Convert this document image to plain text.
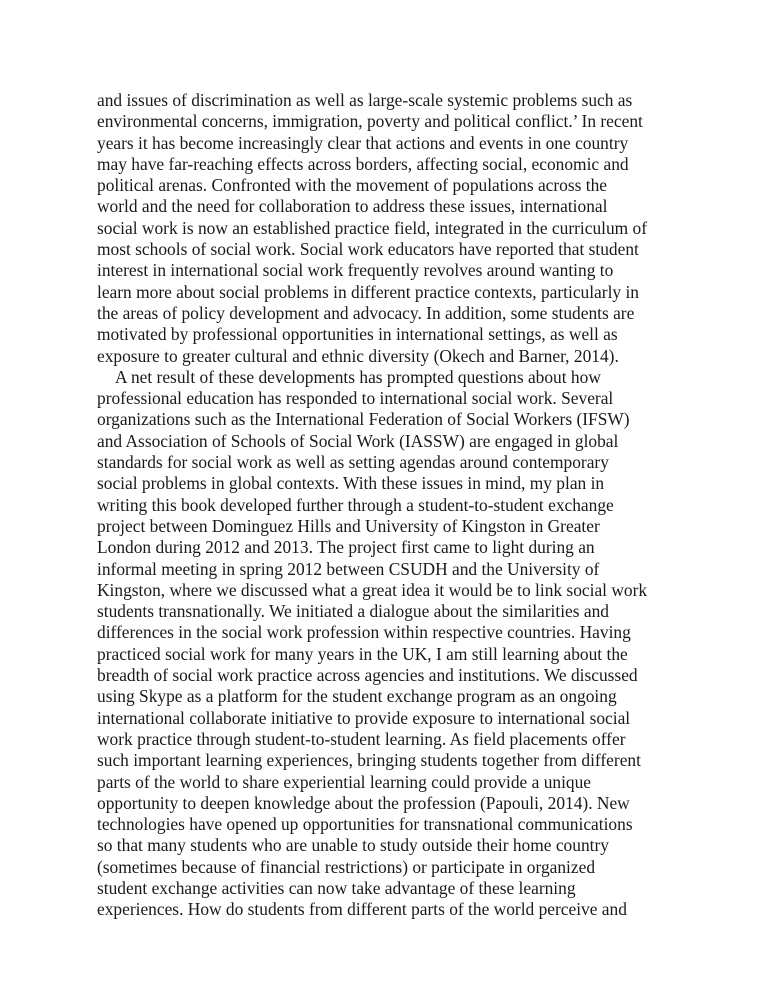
and issues of discrimination as well as large-scale systemic problems such as
environmental concerns, immigration, poverty and political conflict.’ In recent
years it has become increasingly clear that actions and events in one country
may have far-reaching effects across borders, affecting social, economic and
political arenas. Confronted with the movement of populations across the
world and the need for collaboration to address these issues, international
social work is now an established practice field, integrated in the curriculum of
most schools of social work. Social work educators have reported that student
interest in international social work frequently revolves around wanting to
learn more about social problems in different practice contexts, particularly in
the areas of policy development and advocacy. In addition, some students are
motivated by professional opportunities in international settings, as well as
exposure to greater cultural and ethnic diversity (Okech and Barner, 2014).
A net result of these developments has prompted questions about how
professional education has responded to international social work. Several
organizations such as the International Federation of Social Workers (IFSW)
and Association of Schools of Social Work (IASSW) are engaged in global
standards for social work as well as setting agendas around contemporary
social problems in global contexts. With these issues in mind, my plan in
writing this book developed further through a student-to-student exchange
project between Dominguez Hills and University of Kingston in Greater
London during 2012 and 2013. The project first came to light during an
informal meeting in spring 2012 between CSUDH and the University of
Kingston, where we discussed what a great idea it would be to link social work
students transnationally. We initiated a dialogue about the similarities and
differences in the social work profession within respective countries. Having
practiced social work for many years in the UK, I am still learning about the
breadth of social work practice across agencies and institutions. We discussed
using Skype as a platform for the student exchange program as an ongoing
international collaborate initiative to provide exposure to international social
work practice through student-to-student learning. As field placements offer
such important learning experiences, bringing students together from different
parts of the world to share experiential learning could provide a unique
opportunity to deepen knowledge about the profession (Papouli, 2014). New
technologies have opened up opportunities for transnational communications
so that many students who are unable to study outside their home country
(sometimes because of financial restrictions) or participate in organized
student exchange activities can now take advantage of these learning
experiences. How do students from different parts of the world perceive and
